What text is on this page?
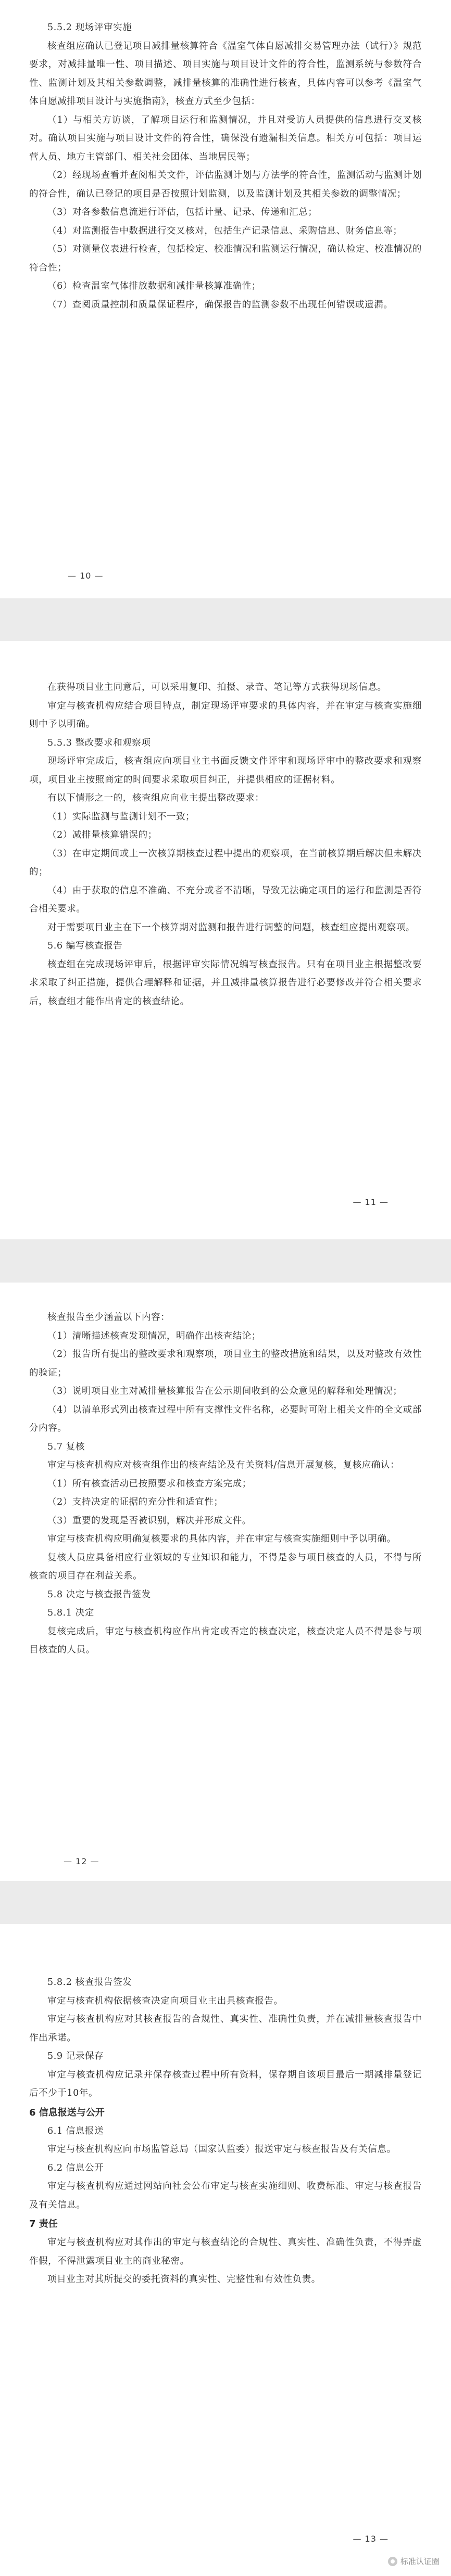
5.5.2 现场评审实施

核查组应确认已登记项目减排量核算符合《温室气体自愿减排交易管理办法（试行）》规范要求，对减排量唯一性、项目描述、项目实施与项目设计文件的符合性，监测系统与参数符合性、监测计划及其相关参数调整，减排量核算的准确性进行核查，具体内容可以参考《温室气体自愿减排项目设计与实施指南》，核查方式至少包括：

（1）与相关方访谈，了解项目运行和监测情况，并且对受访人员提供的信息进行交叉核对。确认项目实施与项目设计文件的符合性，确保没有遗漏相关信息。相关方可包括：项目运营人员、地方主管部门、相关社会团体、当地居民等；

（2）经现场查看并查阅相关文件，评估监测计划与方法学的符合性，监测活动与监测计划的符合性，确认已登记的项目是否按照计划监测，以及监测计划及其相关参数的调整情况；

（3）对各参数信息流进行评估，包括计量、记录、传递和汇总；

（4）对监测报告中数据进行交叉核对，包括生产记录信息、采购信息、财务信息等；

（5）对测量仪表进行检查，包括检定、校准情况和监测运行情况，确认检定、校准情况的符合性；

（6）检查温室气体排放数据和减排量核算准确性；

（7）查阅质量控制和质量保证程序，确保报告的监测参数不出现任何错误或遗漏。

— 10 —

在获得项目业主同意后，可以采用复印、拍摄、录音、笔记等方式获得现场信息。

审定与核查机构应结合项目特点，制定现场评审要求的具体内容，并在审定与核查实施细则中予以明确。

5.5.3 整改要求和观察项

现场评审完成后，核查组应向项目业主书面反馈文件评审和现场评审中的整改要求和观察项，项目业主按照商定的时间要求采取项目纠正，并提供相应的证据材料。

有以下情形之一的，核查组应向业主提出整改要求：

（1）实际监测与监测计划不一致；

（2）减排量核算错误的；

（3）在审定期间或上一次核算期核查过程中提出的观察项，在当前核算期后解决但未解决的；

（4）由于获取的信息不准确、不充分或者不清晰，导致无法确定项目的运行和监测是否符合相关要求。

对于需要项目业主在下一个核算期对监测和报告进行调整的问题，核查组应提出观察项。

5.6 编写核查报告

核查组在完成现场评审后，根据评审实际情况编写核查报告。只有在项目业主根据整改要求采取了纠正措施，提供合理解释和证据，并且减排量核算报告进行必要修改并符合相关要求后，核查组才能作出肯定的核查结论。

— 11 —

核查报告至少涵盖以下内容：

（1）清晰描述核查发现情况，明确作出核查结论；

（2）报告所有提出的整改要求和观察项，项目业主的整改措施和结果，以及对整改有效性的验证；

（3）说明项目业主对减排量核算报告在公示期间收到的公众意见的解释和处理情况；

（4）以清单形式列出核查过程中所有支撑性文件名称，必要时可附上相关文件的全文或部分内容。

5.7 复核

审定与核查机构应对核查组作出的核查结论及有关资料/信息开展复核，复核应确认：

（1）所有核查活动已按照要求和核查方案完成；

（2）支持决定的证据的充分性和适宜性；

（3）重要的发现是否被识别，解决并形成文件。

审定与核查机构应明确复核要求的具体内容，并在审定与核查实施细则中予以明确。

复核人员应具备相应行业领域的专业知识和能力，不得是参与项目核查的人员，不得与所核查的项目存在利益关系。

5.8 决定与核查报告签发

5.8.1 决定

复核完成后，审定与核查机构应作出肯定或否定的核查决定，核查决定人员不得是参与项目核查的人员。

— 12 —

5.8.2 核查报告签发

审定与核查机构依据核查决定向项目业主出具核查报告。

审定与核查机构应对其核查报告的合规性、真实性、准确性负责，并在减排量核查报告中作出承诺。

5.9 记录保存

审定与核查机构应记录并保存核查过程中所有资料，保存期自该项目最后一期减排量登记后不少于10年。

6 信息报送与公开

6.1 信息报送

审定与核查机构应向市场监管总局（国家认监委）报送审定与核查报告及有关信息。

6.2 信息公开

审定与核查机构应通过网站向社会公布审定与核查实施细则、收费标准、审定与核查报告及有关信息。

7 责任

审定与核查机构应对其作出的审定与核查结论的合规性、真实性、准确性负责，不得弄虚作假，不得泄露项目业主的商业秘密。

项目业主对其所提交的委托资料的真实性、完整性和有效性负责。

— 13 —
标准认证圈
